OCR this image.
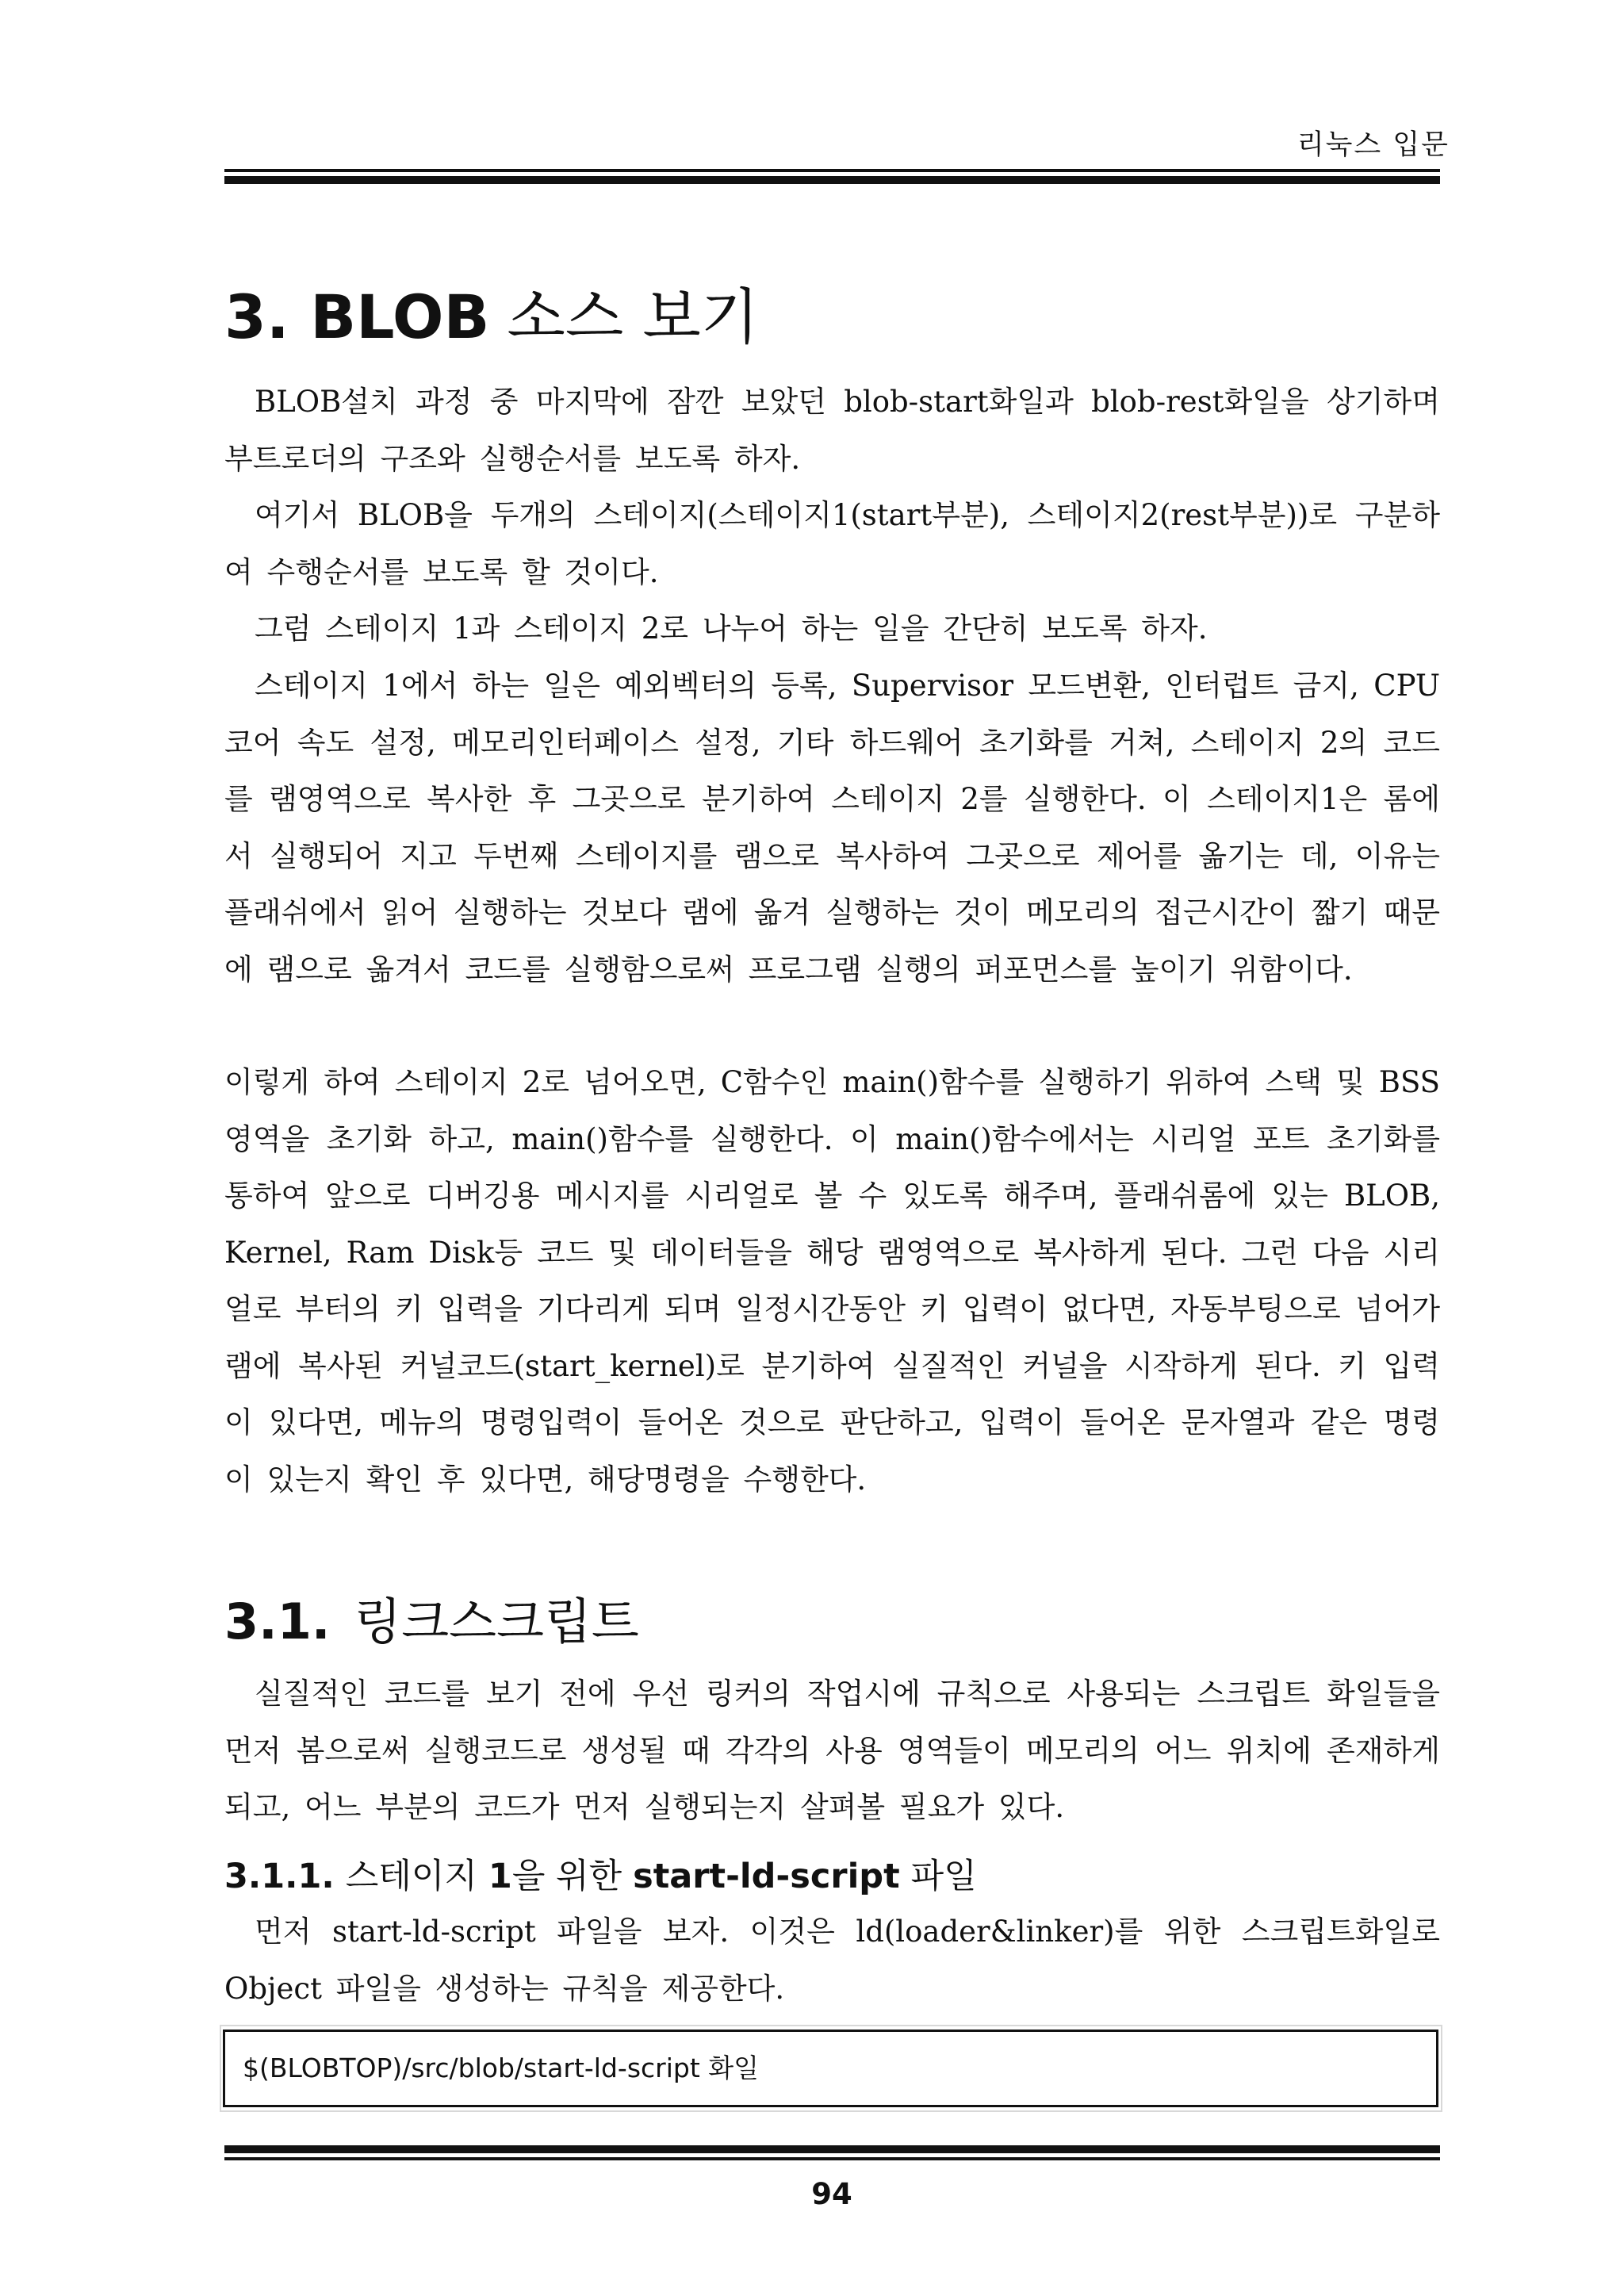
리눅스 입문
3. BLOB 소스 보기

BLOB설치 과정 중 마지막에 잠깐 보았던 blob-start화일과 blob-rest화일을 상기하며 부트로더의 구조와 실행순서를 보도록 하자.

여기서 BLOB을 두개의 스테이지(스테이지1(start부분), 스테이지2(rest부분))로 구분하여 수행순서를 보도록 할 것이다.

그럼 스테이지 1과 스테이지 2로 나누어 하는 일을 간단히 보도록 하자.

스테이지 1에서 하는 일은 예외벡터의 등록, Supervisor 모드변환, 인터럽트 금지, CPU 코어 속도 설정, 메모리인터페이스 설정, 기타 하드웨어 초기화를 거쳐, 스테이지 2의 코드를 램영역으로 복사한 후 그곳으로 분기하여 스테이지 2를 실행한다. 이 스테이지1은 롬에서 실행되어 지고 두번째 스테이지를 램으로 복사하여 그곳으로 제어를 옮기는 데, 이유는 플래쉬에서 읽어 실행하는 것보다 램에 옮겨 실행하는 것이 메모리의 접근시간이 짧기 때문에 램으로 옮겨서 코드를 실행함으로써 프로그램 실행의 퍼포먼스를 높이기 위함이다.

이렇게 하여 스테이지 2로 넘어오면, C함수인 main()함수를 실행하기 위하여 스택 및 BSS 영역을 초기화 하고, main()함수를 실행한다. 이 main()함수에서는 시리얼 포트 초기화를 통하여 앞으로 디버깅용 메시지를 시리얼로 볼 수 있도록 해주며, 플래쉬롬에 있는 BLOB, Kernel, Ram Disk등 코드 및 데이터들을 해당 램영역으로 복사하게 된다. 그런 다음 시리얼로 부터의 키 입력을 기다리게 되며 일정시간동안 키 입력이 없다면, 자동부팅으로 넘어가 램에 복사된 커널코드(start_kernel)로 분기하여 실질적인 커널을 시작하게 된다. 키 입력이 있다면, 메뉴의 명령입력이 들어온 것으로 판단하고, 입력이 들어온 문자열과 같은 명령이 있는지 확인 후 있다면, 해당명령을 수행한다.

3.1. 링크스크립트

실질적인 코드를 보기 전에 우선 링커의 작업시에 규칙으로 사용되는 스크립트 화일들을 먼저 봄으로써 실행코드로 생성될 때 각각의 사용 영역들이 메모리의 어느 위치에 존재하게 되고, 어느 부분의 코드가 먼저 실행되는지 살펴볼 필요가 있다.

3.1.1. 스테이지 1을 위한 start-ld-script 파일

먼저 start-ld-script 파일을 보자. 이것은 ld(loader&linker)를 위한 스크립트화일로 Object 파일을 생성하는 규칙을 제공한다.

$(BLOBTOP)/src/blob/start-ld-script 화일
94
